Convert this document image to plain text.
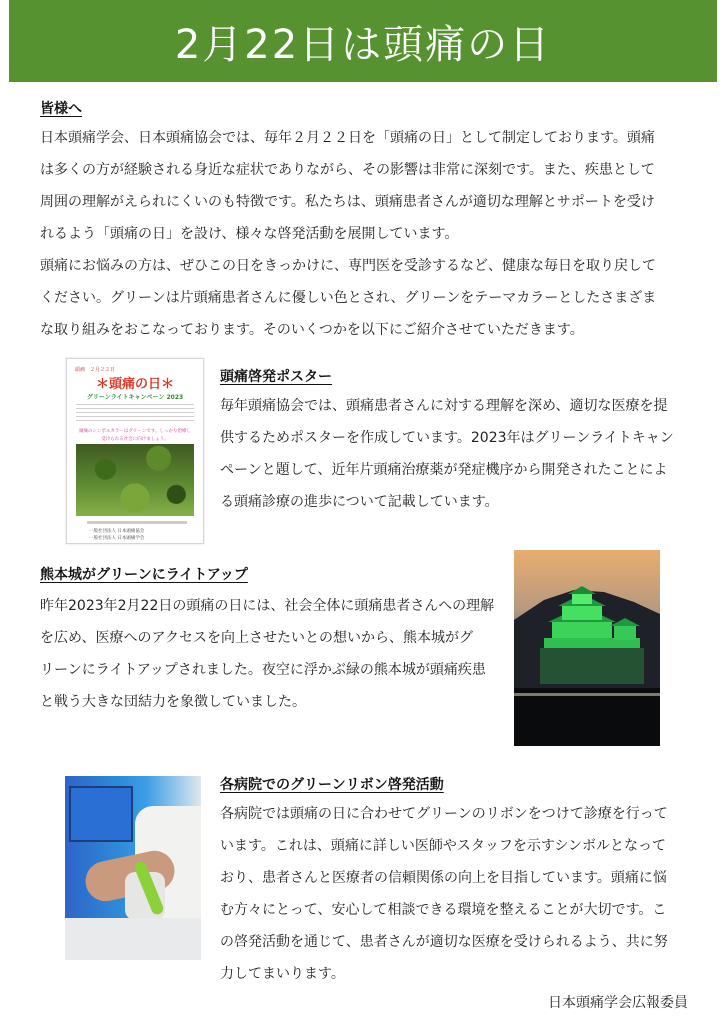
2月22日は頭痛の日
皆様へ
日本頭痛学会、日本頭痛協会では、毎年２月２２日を「頭痛の日」として制定しております。頭痛
は多くの方が経験される身近な症状でありながら、その影響は非常に深刻です。また、疾患として
周囲の理解がえられにくいのも特徴です。私たちは、頭痛患者さんが適切な理解とサポートを受け
れるよう「頭痛の日」を設け、様々な啓発活動を展開しています。
頭痛にお悩みの方は、ぜひこの日をきっかけに、専門医を受診するなど、健康な毎日を取り戻して
ください。グリーンは片頭痛患者さんに優しい色とされ、グリーンをテーマカラーとしたさまざま
な取り組みをおこなっております。そのいくつかを以下にご紹介させていただきます。
頭痛　２月２２日
＊頭痛の日＊
グリーンライトキャンペーン 2023
頭痛のシンボルカラーはグリーンです。しっかり治療し
受けられる社会に向けましょう。
一般社団法人 日本頭痛協会
一般社団法人 日本頭痛学会
頭痛啓発ポスター
毎年頭痛協会では、頭痛患者さんに対する理解を深め、適切な医療を提
供するためポスターを作成しています。2023年はグリーンライトキャン
ペーンと題して、近年片頭痛治療薬が発症機序から開発されたことによ
る頭痛診療の進歩について記載しています。
熊本城がグリーンにライトアップ
昨年2023年2月22日の頭痛の日には、社会全体に頭痛患者さんへの理解
を広め、医療へのアクセスを向上させたいとの想いから、熊本城がグ
リーンにライトアップされました。夜空に浮かぶ緑の熊本城が頭痛疾患
と戦う大きな団結力を象徴していました。
各病院でのグリーンリボン啓発活動
各病院では頭痛の日に合わせてグリーンのリボンをつけて診療を行って
います。これは、頭痛に詳しい医師やスタッフを示すシンボルとなって
おり、患者さんと医療者の信頼関係の向上を目指しています。頭痛に悩
む方々にとって、安心して相談できる環境を整えることが大切です。こ
の啓発活動を通じて、患者さんが適切な医療を受けられるよう、共に努
力してまいります。
日本頭痛学会広報委員
